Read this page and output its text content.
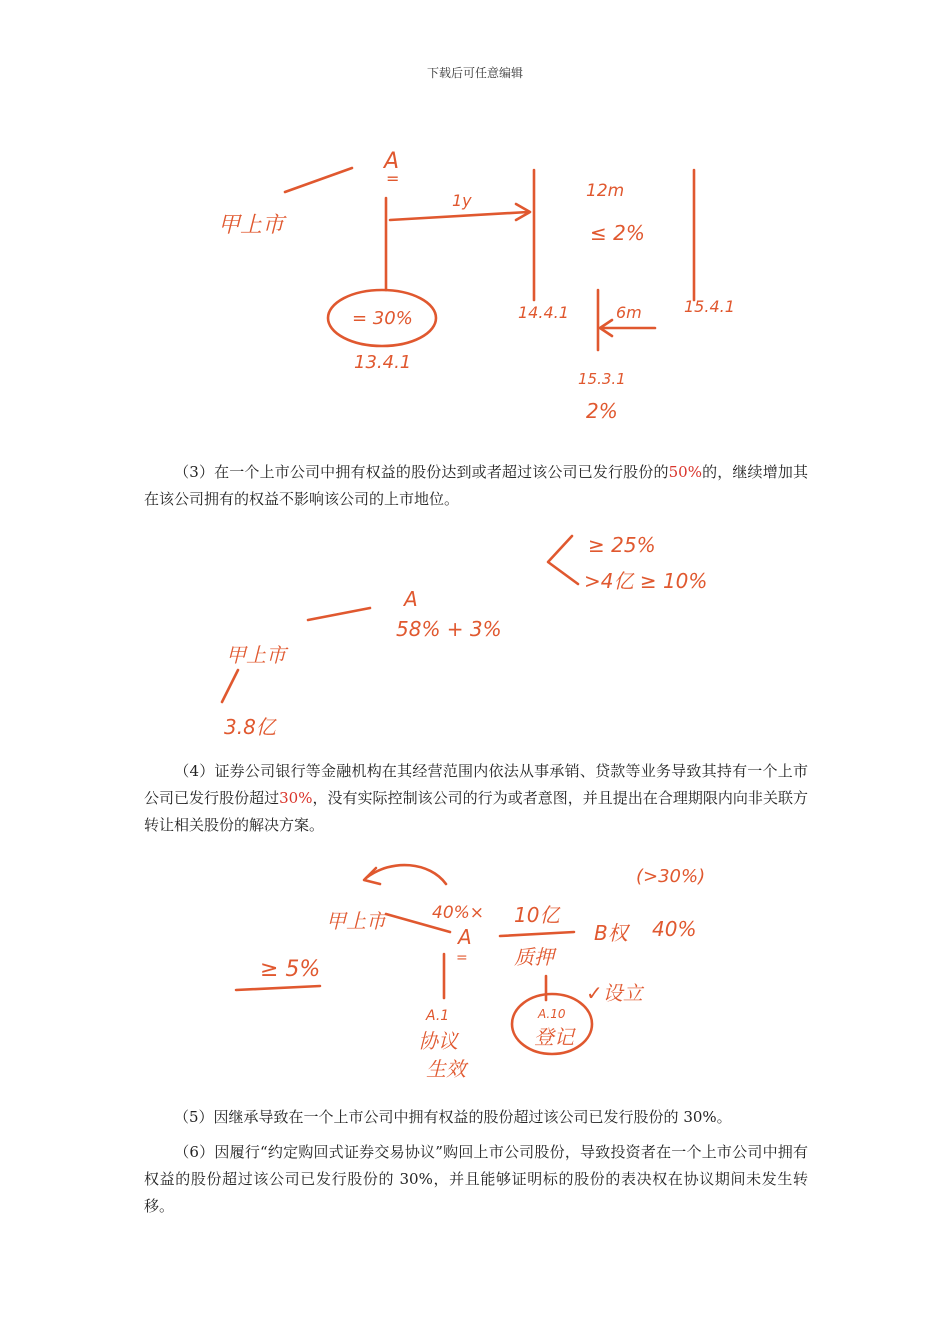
下载后可任意编辑
甲上市
A
=
1y
= 30%
13.4.1
14.4.1
12m
≤ 2%
15.4.1
6m
15.3.1
2%

（3）在一个上市公司中拥有权益的股份达到或者超过该公司已发行股份的50%的，继续增加其在该公司拥有的权益不影响该公司的上市地位。

≥ 25%
>4亿 ≥ 10%
A
58% + 3%
甲上市
3.8亿

（4）证券公司银行等金融机构在其经营范围内依法从事承销、贷款等业务导致其持有一个上市公司已发行股份超过30%，没有实际控制该公司的行为或者意图，并且提出在合理期限内向非关联方转让相关股份的解决方案。

甲上市	40%×
A
=
≥ 5%
10亿
质押
B权 40%
(>30%)
A.1
协议
生效
A.10
登记
✓设立

（5）因继承导致在一个上市公司中拥有权益的股份超过该公司已发行股份的 30%。

（6）因履行“约定购回式证券交易协议”购回上市公司股份，导致投资者在一个上市公司中拥有权益的股份超过该公司已发行股份的 30%，并且能够证明标的股份的表决权在协议期间未发生转移。
